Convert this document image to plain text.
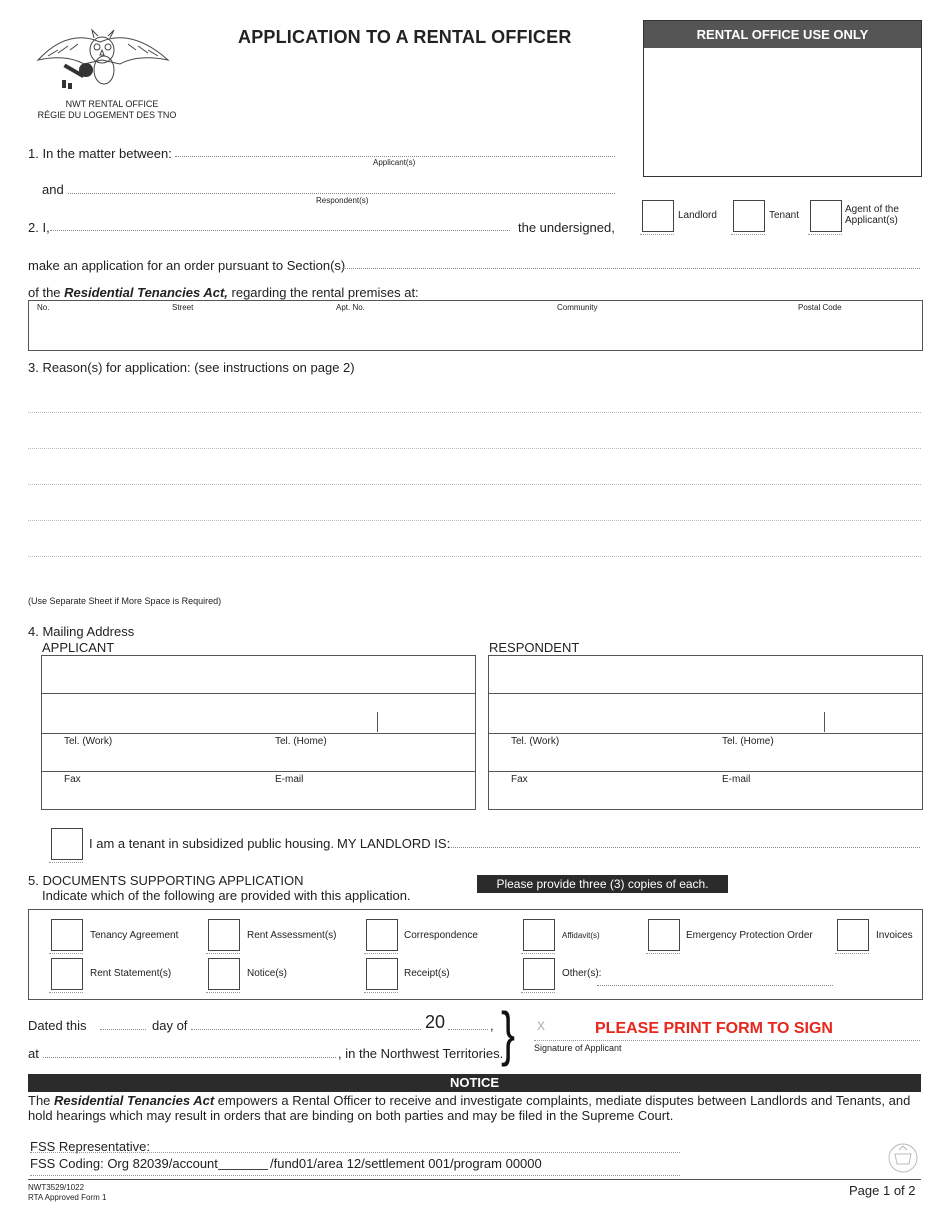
NWT RENTAL OFFICE
RÉGIE DU LOGEMENT DES TNO
APPLICATION TO A RENTAL OFFICER	RENTAL OFFICE USE ONLY
1. In the matter between:
Applicant(s)
and
Respondent(s)
2. I,	the undersigned,
Landlord	Tenant
Agent of the Applicant(s)
make an application for an order pursuant to Section(s)
of the Residential Tenancies Act, regarding the rental premises at:
No.	Street	Apt. No.	Community	Postal Code
3. Reason(s) for application: (see instructions on page 2)
(Use Separate Sheet if More Space is Required)
4. Mailing Address
APPLICANT	RESPONDENT
Tel. (Work)	Tel. (Home)
Fax	E-mail
Tel. (Work)	Tel. (Home)
Fax	E-mail
I am a tenant in subsidized public housing. MY LANDLORD IS:
5. DOCUMENTS SUPPORTING APPLICATION
Indicate which of the following are provided with this application.
Please provide three (3) copies of each.
Tenancy Agreement	Rent Assessment(s)	Correspondence	Affidavit(s)	Emergency Protection Order	Invoices
Rent Statement(s)	Notice(s)	Receipt(s)	Other(s):
Dated this	day of	20	,
at	, in the Northwest Territories.
} X	PLEASE PRINT FORM TO SIGN
Signature of Applicant
NOTICE
The Residential Tenancies Act empowers a Rental Officer to receive and investigate complaints, mediate disputes between Landlords and Tenants, and hold hearings which may result in orders that are binding on both parties and may be filed in the Supreme Court.
FSS Representative:
FSS Coding: Org 82039/account	/fund01/area 12/settlement 001/program 00000
NWT3529/1022
RTA Approved Form 1	Page 1 of 2
